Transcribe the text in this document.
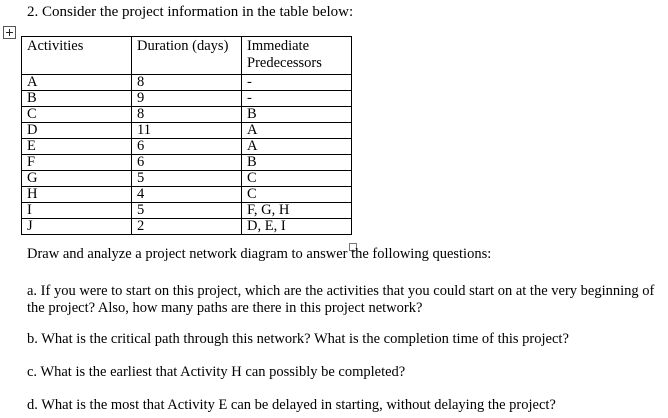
2. Consider the project information in the table below:
Activities	Duration (days)	Immediate Predecessors
A	8	-
B	9	-
C	8	B
D	11	A
E	6	A
F	6	B
G	5	C
H	4	C
I	5	F, G, H
J	2	D, E, I
Draw and analyze a project network diagram to answer the following questions:
a. If you were to start on this project, which are the activities that you could start on at the very beginning of the project? Also, how many paths are there in this project network?
b. What is the critical path through this network? What is the completion time of this project?
c. What is the earliest that Activity H can possibly be completed?
d. What is the most that Activity E can be delayed in starting, without delaying the project?
